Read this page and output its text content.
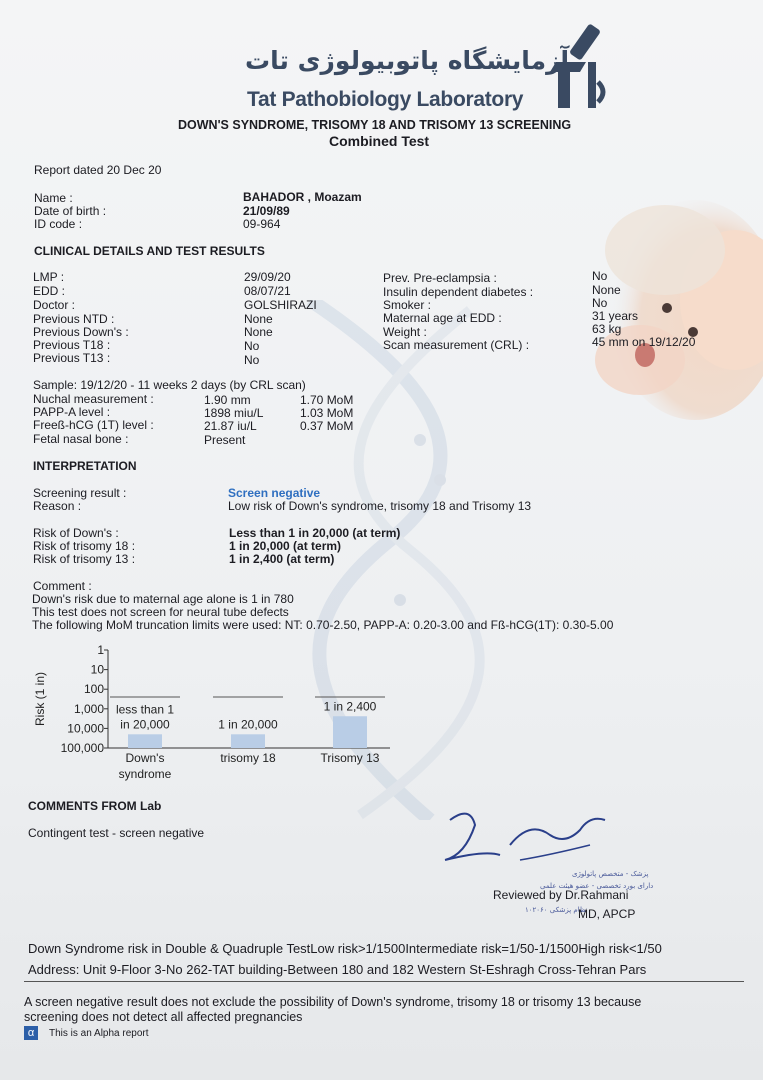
آزمایشگاه پاتوبیولوژی تات
Tat Pathobiology Laboratory
DOWN'S SYNDROME, TRISOMY 18 AND TRISOMY 13 SCREENING
Combined Test
Report dated 20 Dec 20
Name :	BAHADOR , Moazam
Date of birth :	21/09/89
ID code :	09-964
CLINICAL DETAILS AND TEST RESULTS
LMP :	29/09/20
EDD :	08/07/21
Doctor :	GOLSHIRAZI
Previous NTD :	None
Previous Down's :	None
Previous T18 :	No
Previous T13 :	No
Prev. Pre-eclampsia :	No
Insulin dependent diabetes :	None
Smoker :	No
Maternal age at EDD :	31 years
Weight :	63 kg
Scan measurement (CRL) :	45 mm on 19/12/20
Sample: 19/12/20 - 11 weeks 2 days (by CRL scan)
Nuchal measurement :	1.90 mm	1.70 MoM
PAPP-A level :	1898 miu/L	1.03 MoM
Freeß-hCG (1T) level :	21.87 iu/L	0.37 MoM
Fetal nasal bone :	Present
INTERPRETATION
Screening result :	Screen negative
Reason :	Low risk of Down's syndrome, trisomy 18 and Trisomy 13
Risk of Down's :	Less than 1 in 20,000 (at term)
Risk of trisomy 18 :	1 in 20,000 (at term)
Risk of trisomy 13 :	1 in 2,400 (at term)
Comment :
Down's risk due to maternal age alone is 1 in 780
This test does not screen for neural tube defects
The following MoM truncation limits were used: NT: 0.70-2.50, PAPP-A: 0.20-3.00 and Fß-hCG(1T): 0.30-5.00
1
10
100
1,000
10,000
100,000
Risk (1 in)	less than 1
in 20,000
Down's
syndrome
1 in 20,000
trisomy 18
1 in 2,400
Trisomy 13
COMMENTS FROM Lab
Contingent test - screen negative
پزشک - متخصص پاتولوژی
دارای بورد تخصصی - عضو هیئت علمی
نظام پزشکی ۱۰۲۰۶۰
Reviewed by Dr.Rahmani
MD, APCP
Down Syndrome risk in Double & Quadruple TestLow risk>1/1500Intermediate risk=1/50-1/1500High risk<1/50
Address: Unit 9-Floor 3-No 262-TAT building-Between 180 and 182 Western St-Eshragh Cross-Tehran Pars
A screen negative result does not exclude the possibility of Down's syndrome, trisomy 18 or trisomy 13 because
screening does not detect all affected pregnancies
α	This is an Alpha report
